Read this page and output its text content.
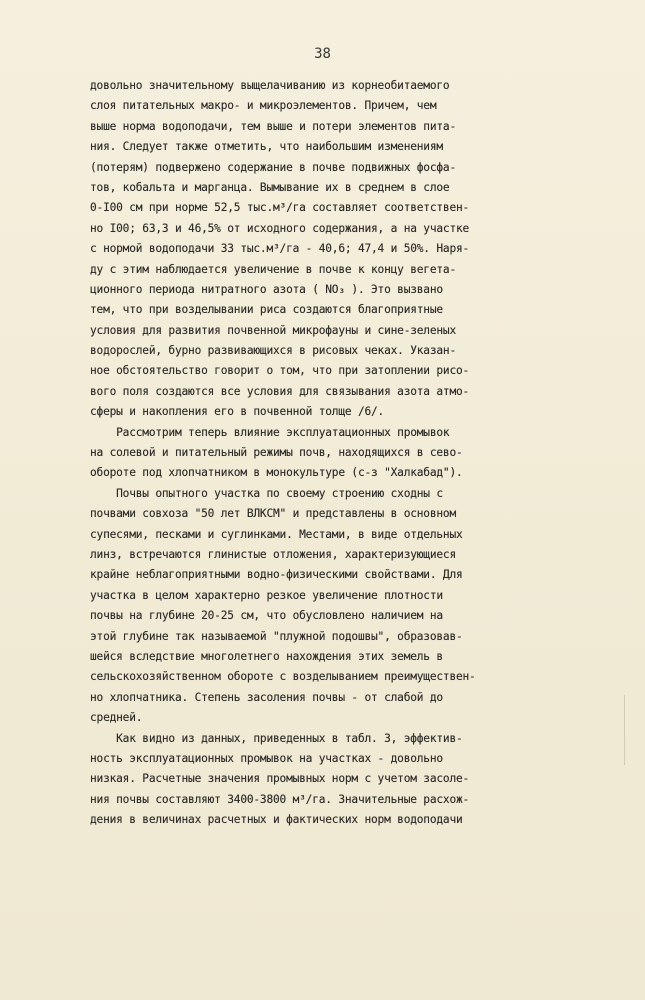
38
довольно значительному выщелачиванию из корнеобитаемого
слоя питательных макро- и микроэлементов. Причем, чем
выше норма водоподачи, тем выше и потери элементов пита-
ния. Следует также отметить, что наибольшим изменениям
(потерям) подвержено содержание в почве подвижных фосфа-
тов, кобальта и марганца. Вымывание их в среднем в слое
0-I00 см при норме 52,5 тыс.м³/га составляет соответствен-
но I00; 63,3 и 46,5% от исходного содержания, а на участке
с нормой водоподачи 33 тыс.м³/га - 40,6; 47,4 и 50%. Наря-
ду с этим наблюдается увеличение в почве к концу вегета-
ционного периода нитратного азота ( NO₃ ). Это вызвано
тем, что при возделывании риса создаются благоприятные
условия для развития почвенной микрофауны и сине-зеленых
водорослей, бурно развивающихся в рисовых чеках. Указан-
ное обстоятельство говорит о том, что при затоплении рисо-
вого поля создаются все условия для связывания азота атмо-
сферы и накопления его в почвенной толще /6/.
Рассмотрим теперь влияние эксплуатационных промывок
на солевой и питательный режимы почв, находящихся в сево-
обороте под хлопчатником в монокультуре (с-з "Халкабад").
Почвы опытного участка по своему строению сходны с
почвами совхоза "50 лет ВЛКСМ" и представлены в основном
супесями, песками и суглинками. Местами, в виде отдельных
линз, встречаются глинистые отложения, характеризующиеся
крайне неблагоприятными водно-физическими свойствами. Для
участка в целом характерно резкое увеличение плотности
почвы на глубине 20-25 см, что обусловлено наличием на
этой глубине так называемой "плужной подошвы", образовав-
шейся вследствие многолетнего нахождения этих земель в
сельскохозяйственном обороте с возделыванием преимуществен-
но хлопчатника. Степень засоления почвы - от слабой до
средней.
Как видно из данных, приведенных в табл. 3, эффектив-
ность эксплуатационных промывок на участках - довольно
низкая. Расчетные значения промывных норм с учетом засоле-
ния почвы составляют 3400-3800 м³/га. Значительные расхож-
дения в величинах расчетных и фактических норм водоподачи
